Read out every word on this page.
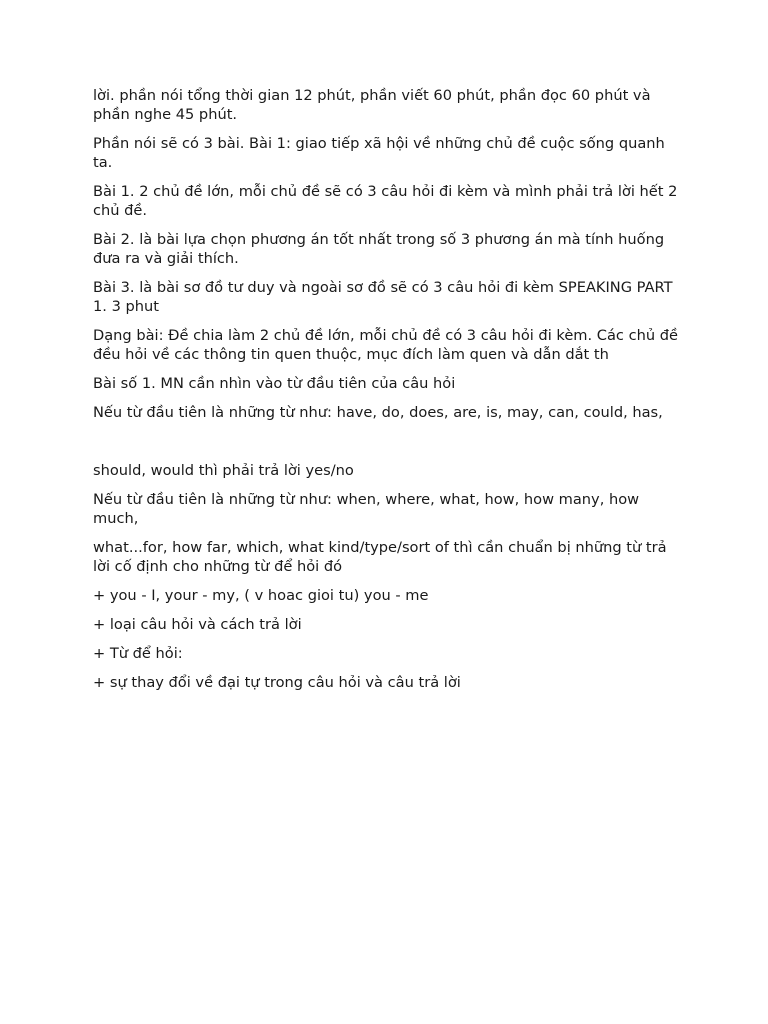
lời. phần nói tổng thời gian 12 phút, phần viết 60 phút, phần đọc 60 phút và phần nghe 45 phút.

Phần nói sẽ có 3 bài. Bài 1: giao tiếp xã hội về những chủ đề cuộc sống quanh ta.

Bài 1. 2 chủ đề lớn, mỗi chủ đề sẽ có 3 câu hỏi đi kèm và mình phải trả lời hết 2 chủ đề.

Bài 2. là bài lựa chọn phương án tốt nhất trong số 3 phương án mà tính huống đưa ra và giải thích.

Bài 3. là bài sơ đồ tư duy và ngoài sơ đồ sẽ có 3 câu hỏi đi kèm SPEAKING PART 1. 3 phut

Dạng bài: Đề chia làm 2 chủ đề lớn, mỗi chủ đề có 3 câu hỏi đi kèm. Các chủ đề đều hỏi về các thông tin quen thuộc, mục đích làm quen và dẫn dắt th

Bài số 1. MN cần nhìn vào từ đầu tiên của câu hỏi

Nếu từ đầu tiên là những từ như: have, do, does, are, is, may, can, could, has,

should, would thì phải trả lời yes/no

Nếu từ đầu tiên là những từ như: when, where, what, how, how many, how much,

what...for, how far, which, what kind/type/sort of thì cần chuẩn bị những từ trả lời cố định cho những từ để hỏi đó

+ you - I, your - my, ( v hoac gioi tu) you - me

+ loại câu hỏi và cách trả lời

+ Từ để hỏi:

+ sự thay đổi về đại tự trong câu hỏi và câu trả lời
